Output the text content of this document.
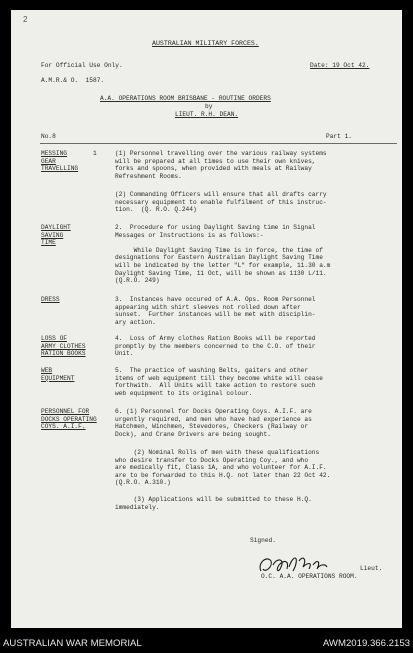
2
AUSTRALIAN MILITARY FORCES.
For Official Use Only.	Date: 19 Oct 42.
A.M.R.& O.  1587.
A.A. OPERATIONS ROOM BRISBANE - ROUTINE ORDERS
by
LIEUT. R.H. DEAN.
No.8	Part 1.
MESSING
GEAR
TRAVELLING
1	(1) Personnel travelling over the various railway systems
will be prepared at all times to use their own knives,
forks and spoons, when provided with meals at Railway
Refreshment Rooms.
(2) Commanding Officers will ensure that all drafts carry
necessary equipment to enable fulfilment of this instruc-
tion.  (Q. R.O. Q.244)
DAYLIGHT
SAVING
TIME
2.  Procedure for using Daylight Saving time in Signal
Messages or Instructions is as follows:-

While Daylight Saving Time is in force, the time of
designations for Eastern Australian Daylight Saving Time
will be indicated by the letter "L" for example, 11.30 a.m
Daylight Saving Time, 11 Oct, will be shown as 1130 L/11.
(Q.R.O. 249)
DRESS	3.  Instances have occured of A.A. Ops. Room Personnel
appearing with shirt sleeves not rolled down after
sunset.  Further instances will be met with disciplin-
ary action.
LOSS OF
ARMY CLOTHES
RATION BOOKS
4.  Loss of Army clothes Ration Books will be reported
promptly by the members concerned to the C.O. of their
Unit.
WEB
EQUIPMENT
5.  The practice of washing Belts, gaiters and other
items of web equipment till they become white will cease
forthwith.  All Units will take action to restore such
web equipment to its original colour.
PERSONNEL FOR
DOCKS OPERATING
COYS. A.I.F.
6. (1) Personnel for Docks Operating Coys. A.I.F. are
urgently required, and men who have had experience as
Hatchmen, Winchmen, Stevedores, Checkers (Railway or
Dock), and Crane Drivers are being sought.
(2) Nominal Rolls of men with these qualifications
who desire transfer to Docks Operating Coy., and who
are medically fit, Class 1A, and who volunteer for A.I.F.
are to be forwarded to this H.Q. not later than 22 Oct 42.
(Q.R.O. A.310.)
(3) Applications will be submitted to these H.Q.
immediately.
Signed.
Lieut.
O.C. A.A. OPERATIONS ROOM.
AUSTRALIAN WAR MEMORIAL	AWM2019.366.2153
